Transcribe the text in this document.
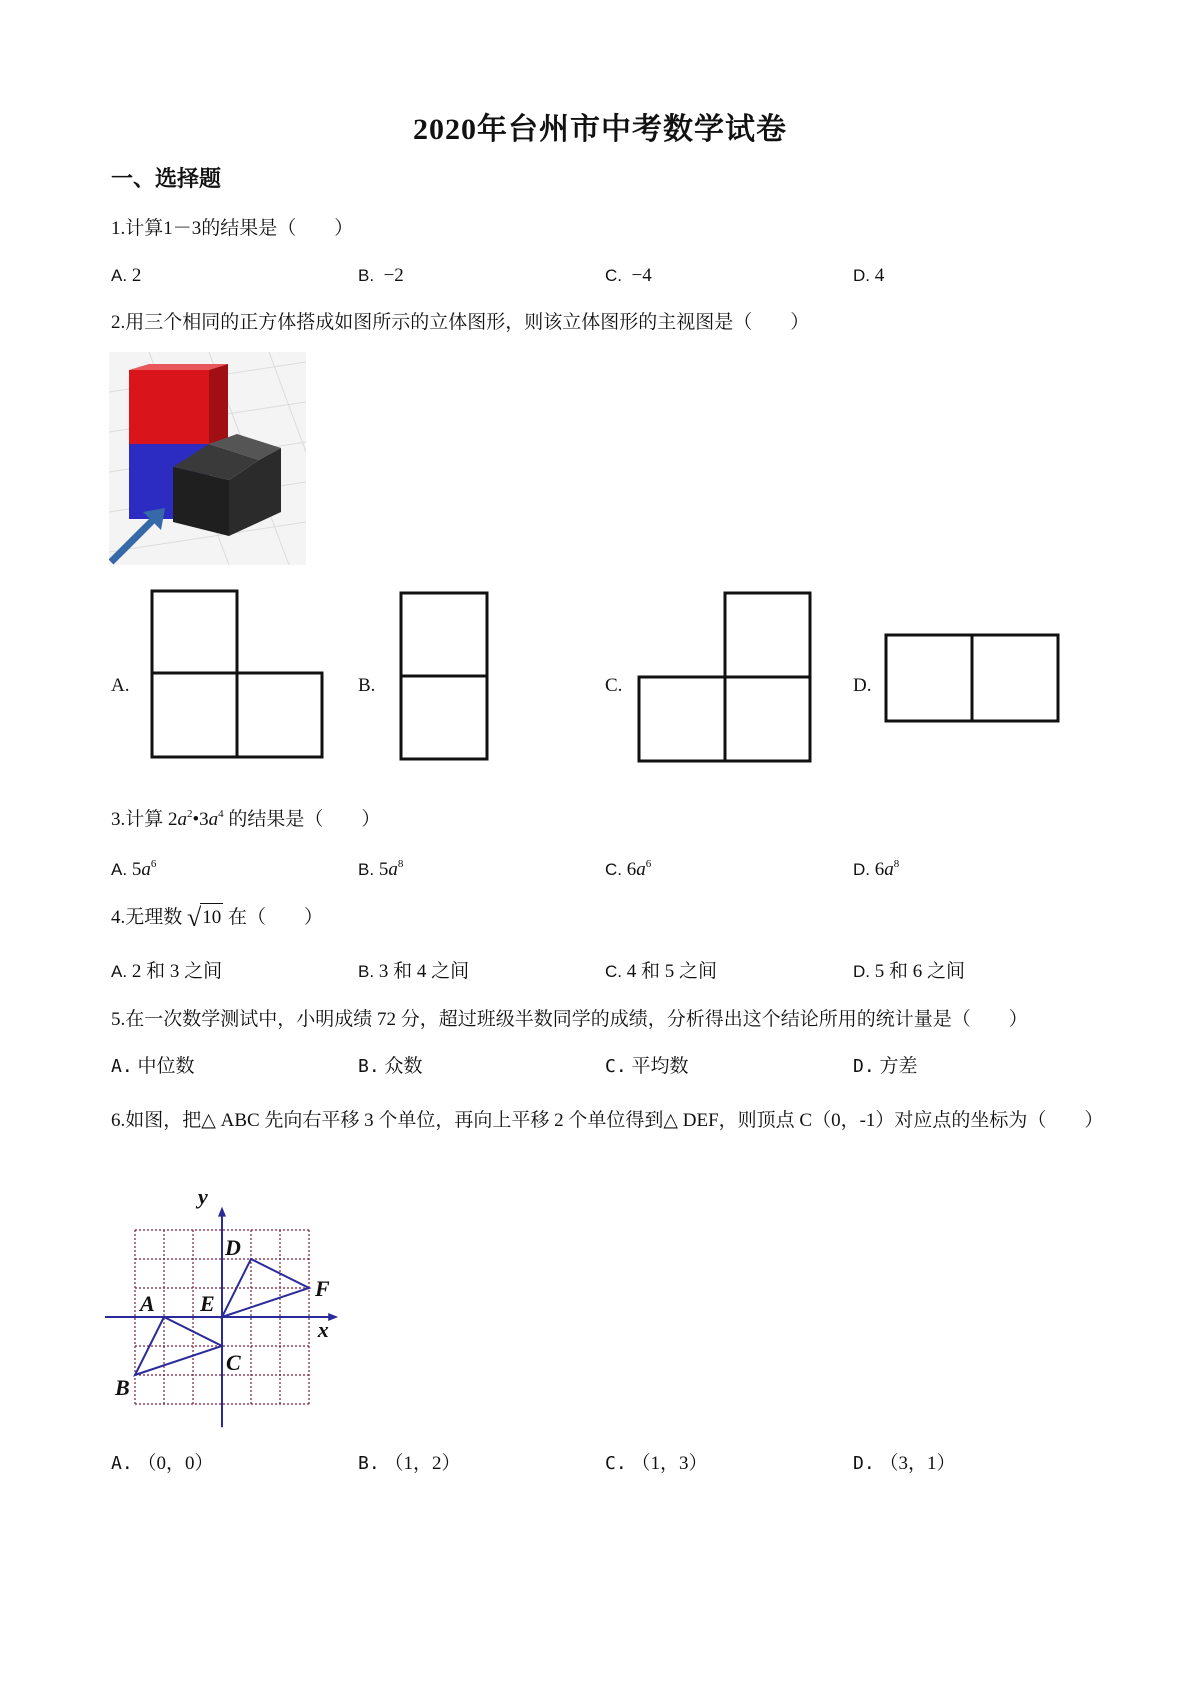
2020年台州市中考数学试卷
一、选择题
1.计算1－3的结果是（　　）
A. 2	B. −2	C. −4	D. 4
2.用三个相同的正方体搭成如图所示的立体图形，则该立体图形的主视图是（　　）
A.	B.	C.	D.
3.计算 $2a^2•3a^4$ 的结果是（　　）
A. $5a^6$	B. $5a^8$	C. $6a^6$	D. $6a^8$
4.无理数 √10 在（　　）
A. 2 和 3 之间	B. 3 和 4 之间	C. 4 和 5 之间	D. 5 和 6 之间
5.在一次数学测试中，小明成绩 72 分，超过班级半数同学的成绩，分析得出这个结论所用的统计量是（　　）
A. 中位数	B. 众数	C. 平均数	D. 方差
6.如图，把△ ABC 先向右平移 3 个单位，再向上平移 2 个单位得到△ DEF，则顶点 C（0，-1）对应点的坐标为（　　）
y
x
A
B
C
D
E
F
A. （0，0）	B. （1，2）	C. （1，3）	D. （3，1）
